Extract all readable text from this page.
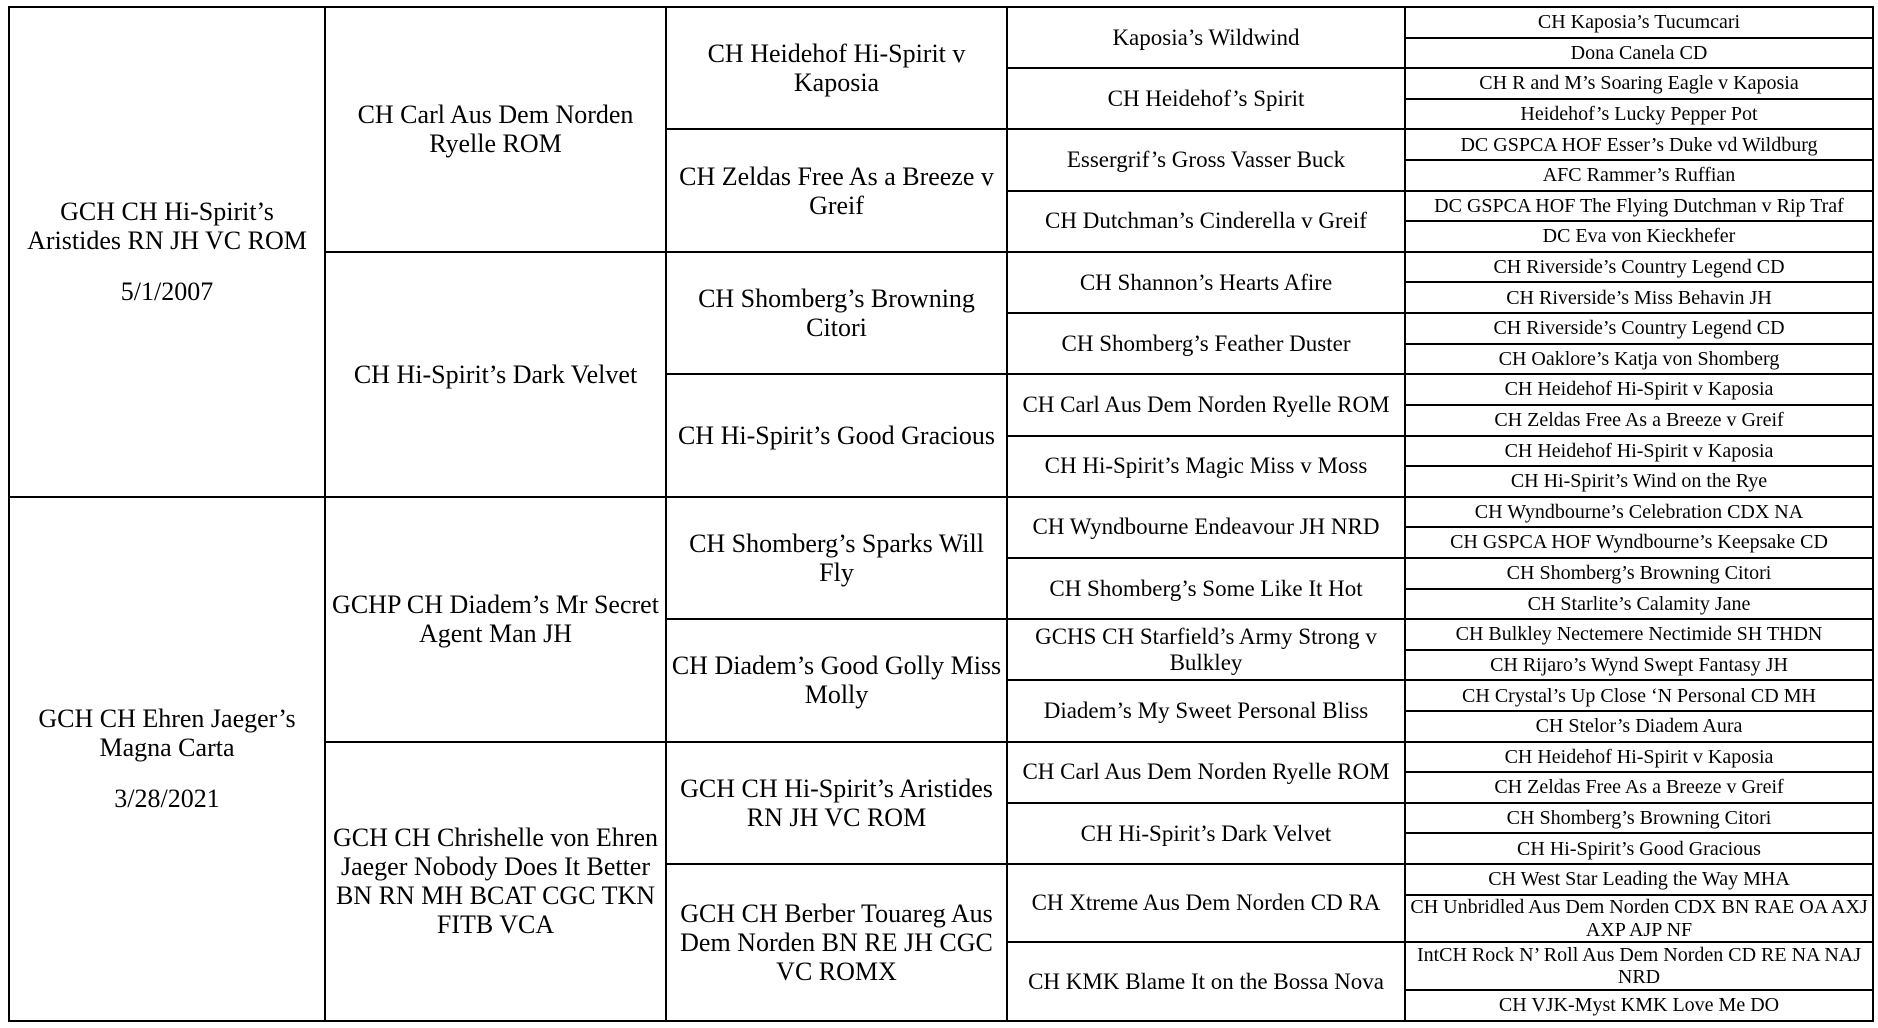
GCH CH Hi-Spirit’s Aristides RN JH VC ROM
5/1/2007	CH Carl Aus Dem Norden Ryelle ROM	CH Heidehof Hi-Spirit v Kaposia	Kaposia’s Wildwind	CH Kaposia’s Tucumcari
				Dona Canela CD
			CH Heidehof’s Spirit	CH R and M’s Soaring Eagle v Kaposia
				Heidehof’s Lucky Pepper Pot
		CH Zeldas Free As a Breeze v Greif	Essergrif’s Gross Vasser Buck	DC GSPCA HOF Esser’s Duke vd Wildburg
				AFC Rammer’s Ruffian
			CH Dutchman’s Cinderella v Greif	DC GSPCA HOF The Flying Dutchman v Rip Traf
				DC Eva von Kieckhefer
	CH Hi-Spirit’s Dark Velvet	CH Shomberg’s Browning Citori	CH Shannon’s Hearts Afire	CH Riverside’s Country Legend CD
				CH Riverside’s Miss Behavin JH
			CH Shomberg’s Feather Duster	CH Riverside’s Country Legend CD
				CH Oaklore’s Katja von Shomberg
		CH Hi-Spirit’s Good Gracious	CH Carl Aus Dem Norden Ryelle ROM	CH Heidehof Hi-Spirit v Kaposia
				CH Zeldas Free As a Breeze v Greif
			CH Hi-Spirit’s Magic Miss v Moss	CH Heidehof Hi-Spirit v Kaposia
				CH Hi-Spirit’s Wind on the Rye
GCH CH Ehren Jaeger’s Magna Carta
3/28/2021	GCHP CH Diadem’s Mr Secret Agent Man JH	CH Shomberg’s Sparks Will Fly	CH Wyndbourne Endeavour JH NRD	CH Wyndbourne’s Celebration CDX NA
				CH GSPCA HOF Wyndbourne’s Keepsake CD
			CH Shomberg’s Some Like It Hot	CH Shomberg’s Browning Citori
				CH Starlite’s Calamity Jane
		CH Diadem’s Good Golly Miss Molly	GCHS CH Starfield’s Army Strong v Bulkley	CH Bulkley Nectemere Nectimide SH THDN
				CH Rijaro’s Wynd Swept Fantasy JH
			Diadem’s My Sweet Personal Bliss	CH Crystal’s Up Close ‘N Personal CD MH
				CH Stelor’s Diadem Aura
	GCH CH Chrishelle von Ehren Jaeger Nobody Does It Better BN RN MH BCAT CGC TKN FITB VCA	GCH CH Hi-Spirit’s Aristides RN JH VC ROM	CH Carl Aus Dem Norden Ryelle ROM	CH Heidehof Hi-Spirit v Kaposia
				CH Zeldas Free As a Breeze v Greif
			CH Hi-Spirit’s Dark Velvet	CH Shomberg’s Browning Citori
				CH Hi-Spirit’s Good Gracious
		GCH CH Berber Touareg Aus Dem Norden BN RE JH CGC VC ROMX	CH Xtreme Aus Dem Norden CD RA	CH West Star Leading the Way MHA
				CH Unbridled Aus Dem Norden CDX BN RAE OA AXJ AXP AJP NF
			CH KMK Blame It on the Bossa Nova	IntCH Rock N’ Roll Aus Dem Norden CD RE NA NAJ NRD
				CH VJK-Myst KMK Love Me DO
